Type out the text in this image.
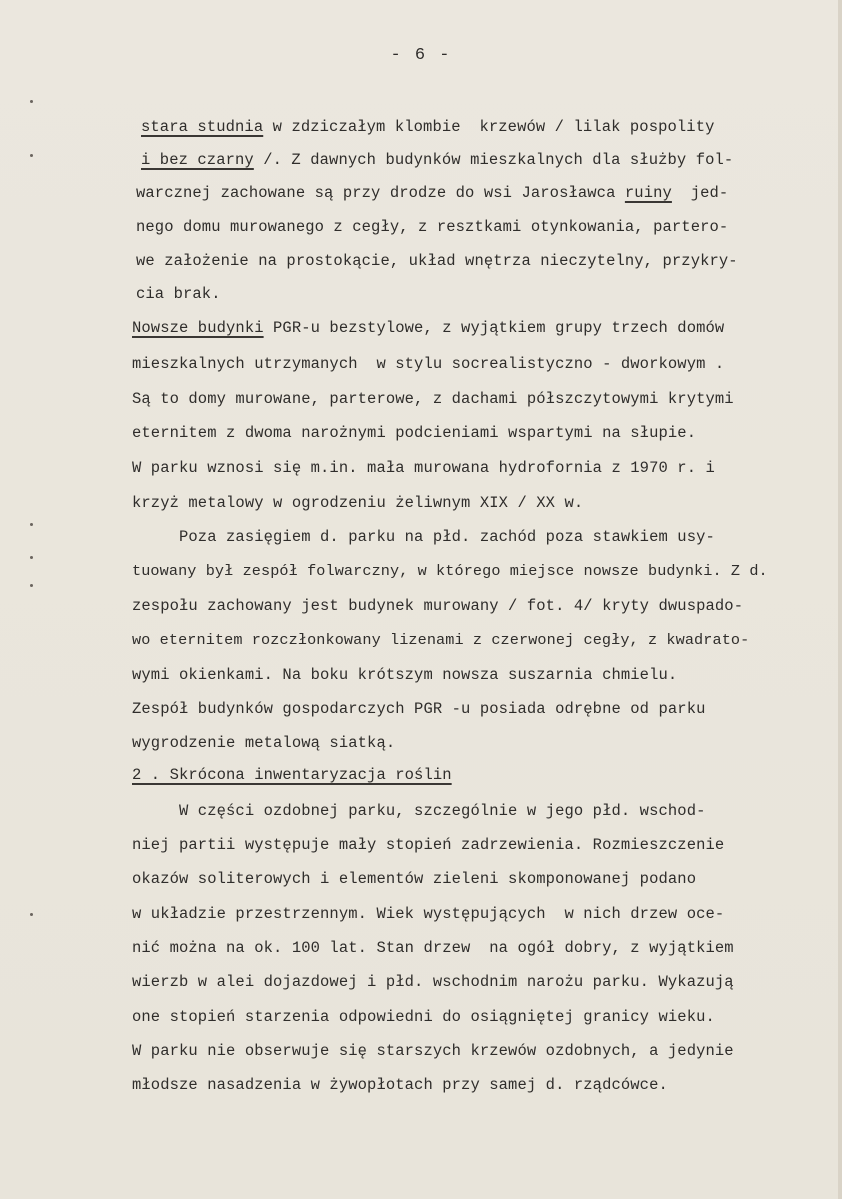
- 6 -
stara studnia w zdziczałym klombie  krzewów / lilak pospolity
i bez czarny /. Z dawnych budynków mieszkalnych dla służby fol-
warcznej zachowane są przy drodze do wsi Jarosławca ruiny  jed-
nego domu murowanego z cegły, z resztkami otynkowania, partero-
we założenie na prostokącie, układ wnętrza nieczytelny, przykry-
cia brak.
Nowsze budynki PGR-u bezstylowe, z wyjątkiem grupy trzech domów
mieszkalnych utrzymanych  w stylu socrealistyczno - dworkowym .
Są to domy murowane, parterowe, z dachami półszczytowymi krytymi
eternitem z dwoma narożnymi podcieniami wspartymi na słupie.
W parku wznosi się m.in. mała murowana hydrofornia z 1970 r. i
krzyż metalowy w ogrodzeniu żeliwnym XIX / XX w.
Poza zasięgiem d. parku na płd. zachód poza stawkiem usy-
tuowany był zespół folwarczny, w którego miejsce nowsze budynki. Z d.
zespołu zachowany jest budynek murowany / fot. 4/ kryty dwuspado-
wo eternitem rozczłonkowany lizenami z czerwonej cegły, z kwadrato-
wymi okienkami. Na boku krótszym nowsza suszarnia chmielu.
Zespół budynków gospodarczych PGR -u posiada odrębne od parku
wygrodzenie metalową siatką.
2 . Skrócona inwentaryzacja roślin
W części ozdobnej parku, szczególnie w jego płd. wschod-
niej partii występuje mały stopień zadrzewienia. Rozmieszczenie
okazów soliterowych i elementów zieleni skomponowanej podano
w układzie przestrzennym. Wiek występujących  w nich drzew oce-
nić można na ok. 100 lat. Stan drzew  na ogół dobry, z wyjątkiem
wierzb w alei dojazdowej i płd. wschodnim narożu parku. Wykazują
one stopień starzenia odpowiedni do osiągniętej granicy wieku.
W parku nie obserwuje się starszych krzewów ozdobnych, a jedynie
młodsze nasadzenia w żywopłotach przy samej d. rządcówce.
